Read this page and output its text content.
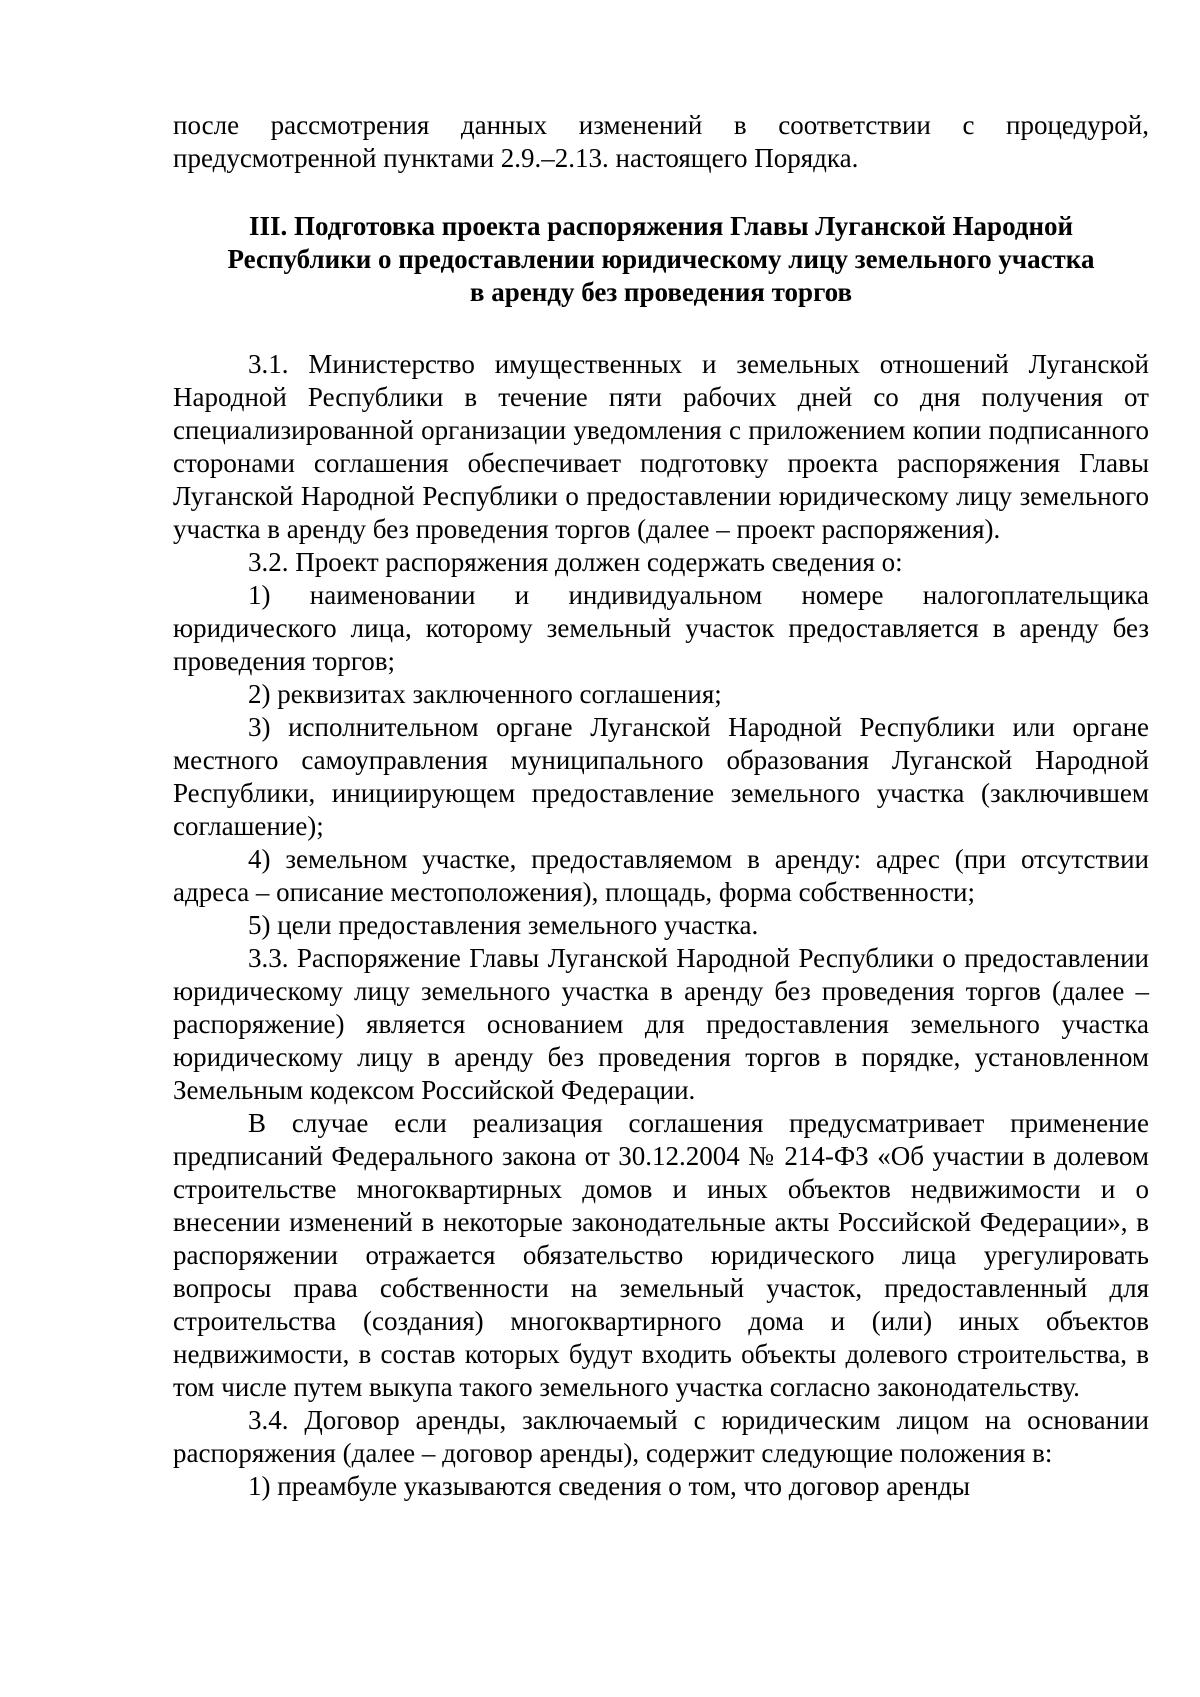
после рассмотрения данных изменений в соответствии с процедурой, предусмотренной пунктами 2.9.–2.13. настоящего Порядка.

III. Подготовка проекта распоряжения Главы Луганской Народной
Республики о предоставлении юридическому лицу земельного участка
в аренду без проведения торгов

3.1. Министерство имущественных и земельных отношений Луганской Народной Республики в течение пяти рабочих дней со дня получения от специализированной организации уведомления с приложением копии подписанного сторонами соглашения обеспечивает подготовку проекта распоряжения Главы Луганской Народной Республики о предоставлении юридическому лицу земельного участка в аренду без проведения торгов (далее – проект распоряжения).

3.2. Проект распоряжения должен содержать сведения о:

1) наименовании и индивидуальном номере налогоплательщика юридического лица, которому земельный участок предоставляется в аренду без проведения торгов;

2) реквизитах заключенного соглашения;

3) исполнительном органе Луганской Народной Республики или органе местного самоуправления муниципального образования Луганской Народной Республики, инициирующем предоставление земельного участка (заключившем соглашение);

4) земельном участке, предоставляемом в аренду: адрес (при отсутствии адреса – описание местоположения), площадь, форма собственности;

5) цели предоставления земельного участка.

3.3. Распоряжение Главы Луганской Народной Республики о предоставлении юридическому лицу земельного участка в аренду без проведения торгов (далее – распоряжение) является основанием для предоставления земельного участка юридическому лицу в аренду без проведения торгов в порядке, установленном Земельным кодексом Российской Федерации.

В случае если реализация соглашения предусматривает применение предписаний Федерального закона от 30.12.2004 № 214-ФЗ «Об участии в долевом строительстве многоквартирных домов и иных объектов недвижимости и о внесении изменений в некоторые законодательные акты Российской Федерации», в распоряжении отражается обязательство юридического лица урегулировать вопросы права собственности на земельный участок, предоставленный для строительства (создания) многоквартирного дома и (или) иных объектов недвижимости, в состав которых будут входить объекты долевого строительства, в том числе путем выкупа такого земельного участка согласно законодательству.

3.4. Договор аренды, заключаемый с юридическим лицом на основании распоряжения (далее – договор аренды), содержит следующие положения в:

1) преамбуле указываются сведения о том, что договор аренды
